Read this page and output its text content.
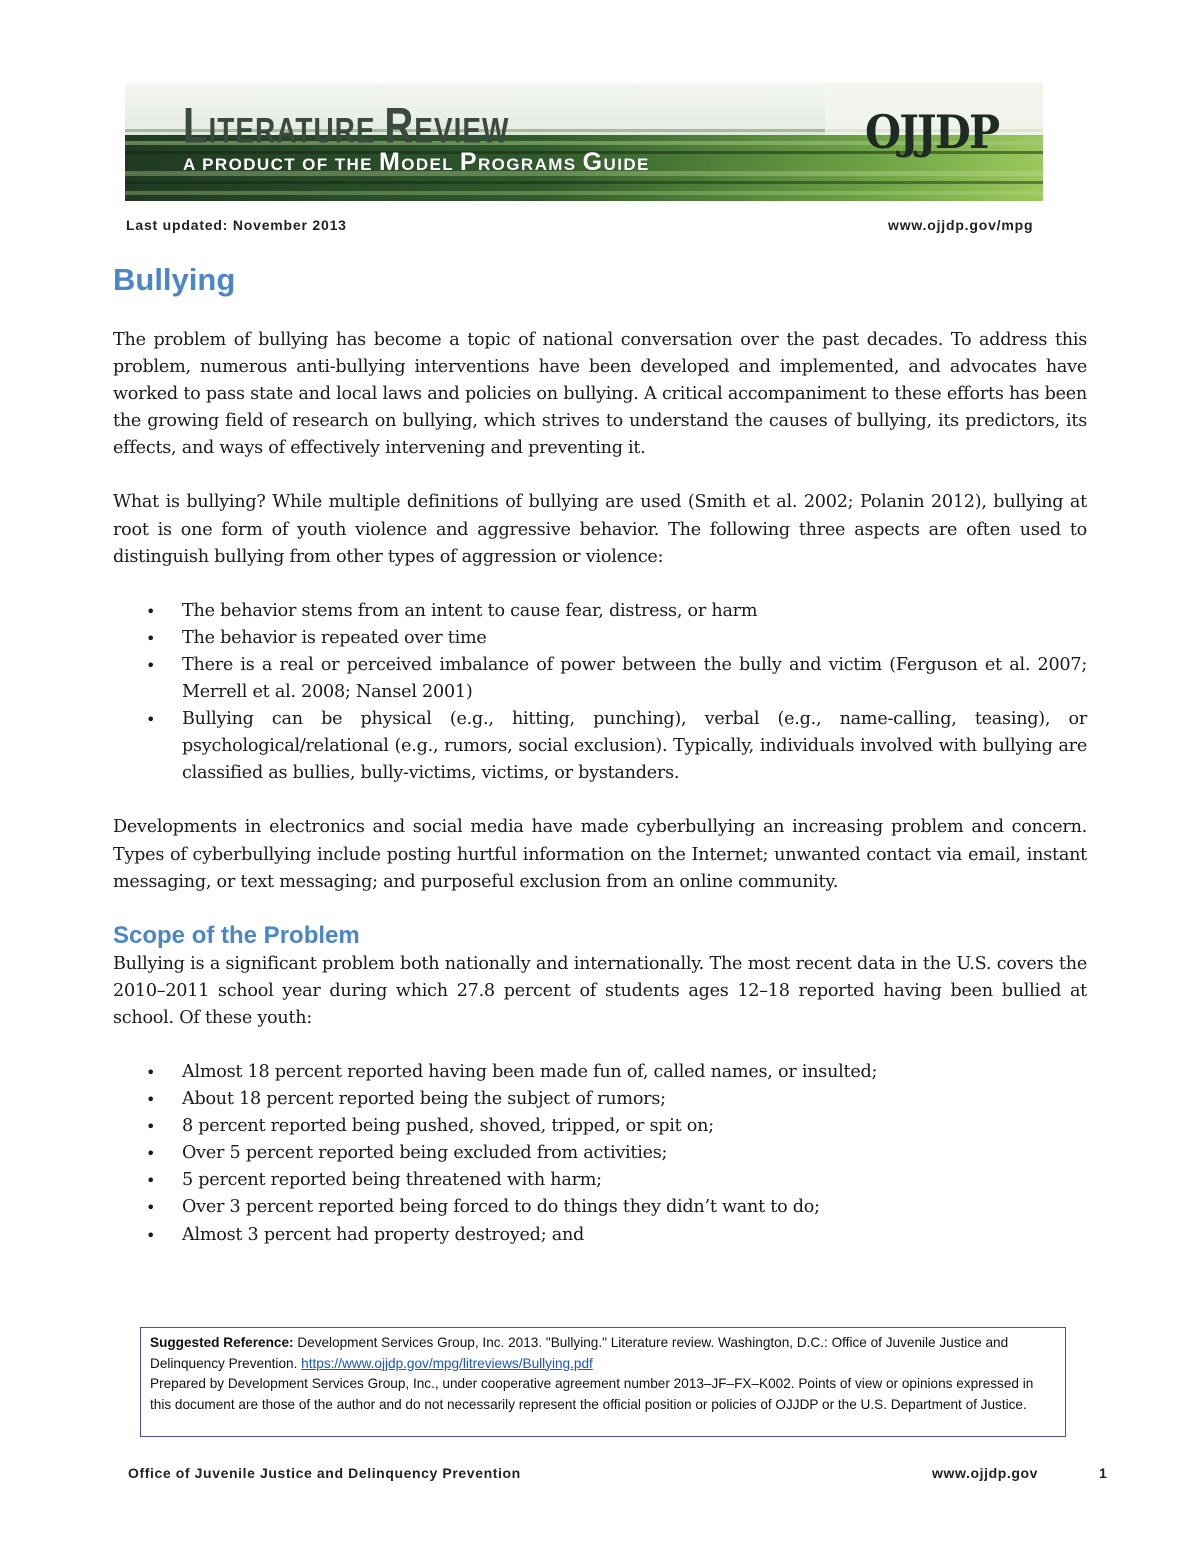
LITERATURE REVIEW
A PRODUCT OF THE MODEL PROGRAMS GUIDE
OJJDP
Last updated: November 2013	www.ojjdp.gov/mpg
Bullying

The problem of bullying has become a topic of national conversation over the past decades. To address this problem, numerous anti-bullying interventions have been developed and implemented, and advocates have worked to pass state and local laws and policies on bullying. A critical accompaniment to these efforts has been the growing field of research on bullying, which strives to understand the causes of bullying, its predictors, its effects, and ways of effectively intervening and preventing it.

What is bullying? While multiple definitions of bullying are used (Smith et al. 2002; Polanin 2012), bullying at root is one form of youth violence and aggressive behavior. The following three aspects are often used to distinguish bullying from other types of aggression or violence:

• The behavior stems from an intent to cause fear, distress, or harm
• The behavior is repeated over time
• There is a real or perceived imbalance of power between the bully and victim (Ferguson et al. 2007; Merrell et al. 2008; Nansel 2001)
• Bullying can be physical (e.g., hitting, punching), verbal (e.g., name-calling, teasing), or psychological/relational (e.g., rumors, social exclusion). Typically, individuals involved with bullying are classified as bullies, bully-victims, victims, or bystanders.

Developments in electronics and social media have made cyberbullying an increasing problem and concern. Types of cyberbullying include posting hurtful information on the Internet; unwanted contact via email, instant messaging, or text messaging; and purposeful exclusion from an online community.

Scope of the Problem

Bullying is a significant problem both nationally and internationally. The most recent data in the U.S. covers the 2010–2011 school year during which 27.8 percent of students ages 12–18 reported having been bullied at school. Of these youth:

• Almost 18 percent reported having been made fun of, called names, or insulted;
• About 18 percent reported being the subject of rumors;
• 8 percent reported being pushed, shoved, tripped, or spit on;
• Over 5 percent reported being excluded from activities;
• 5 percent reported being threatened with harm;
• Over 3 percent reported being forced to do things they didn’t want to do;
• Almost 3 percent had property destroyed; and
Suggested Reference: Development Services Group, Inc. 2013. "Bullying." Literature review. Washington, D.C.: Office of Juvenile Justice and Delinquency Prevention. https://www.ojjdp.gov/mpg/litreviews/Bullying.pdf
Prepared by Development Services Group, Inc., under cooperative agreement number 2013–JF–FX–K002. Points of view or opinions expressed in this document are those of the author and do not necessarily represent the official position or policies of OJJDP or the U.S. Department of Justice.
Office of Juvenile Justice and Delinquency Prevention	www.ojjdp.gov	1
